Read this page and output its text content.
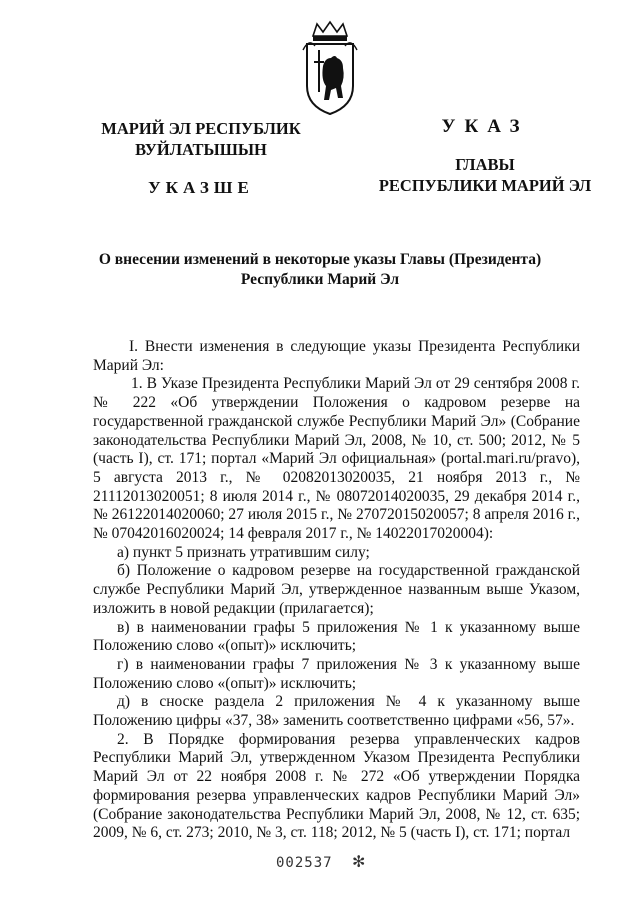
МАРИЙ ЭЛ РЕСПУБЛИК
ВУЙЛАТЫШЫН
УКАЗШЕ
УКАЗ
ГЛАВЫ
РЕСПУБЛИКИ МАРИЙ ЭЛ
О внесении изменений в некоторые указы Главы (Президента)
Республики Марий Эл

I. Внести изменения в следующие указы Президента Республики Марий Эл:

1. В Указе Президента Республики Марий Эл от 29 сентября 2008 г. № 222 «Об утверждении Положения о кадровом резерве на государственной гражданской службе Республики Марий Эл» (Собрание законодательства Республики Марий Эл, 2008, № 10, ст. 500; 2012, № 5 (часть I), ст. 171; портал «Марий Эл официальная» (portal.mari.ru/pravo), 5 августа 2013 г., № 02082013020035, 21 ноября 2013 г., № 21112013020051; 8 июля 2014 г., № 08072014020035, 29 декабря 2014 г., № 26122014020060; 27 июля 2015 г., № 27072015020057; 8 апреля 2016 г., № 07042016020024; 14 февраля 2017 г., № 14022017020004):

а) пункт 5 признать утратившим силу;

б) Положение о кадровом резерве на государственной гражданской службе Республики Марий Эл, утвержденное названным выше Указом, изложить в новой редакции (прилагается);

в) в наименовании графы 5 приложения № 1 к указанному выше Положению слово «(опыт)» исключить;

г) в наименовании графы 7 приложения № 3 к указанному выше Положению слово «(опыт)» исключить;

д) в сноске раздела 2 приложения № 4 к указанному выше Положению цифры «37, 38» заменить соответственно цифрами «56, 57».

2. В Порядке формирования резерва управленческих кадров Республики Марий Эл, утвержденном Указом Президента Республики Марий Эл от 22 ноября 2008 г. № 272 «Об утверждении Порядка формирования резерва управленческих кадров Республики Марий Эл» (Собрание законодательства Республики Марий Эл, 2008, № 12, ст. 635; 2009, № 6, ст. 273; 2010, № 3, ст. 118; 2012, № 5 (часть I), ст. 171; портал

002537 ✻
